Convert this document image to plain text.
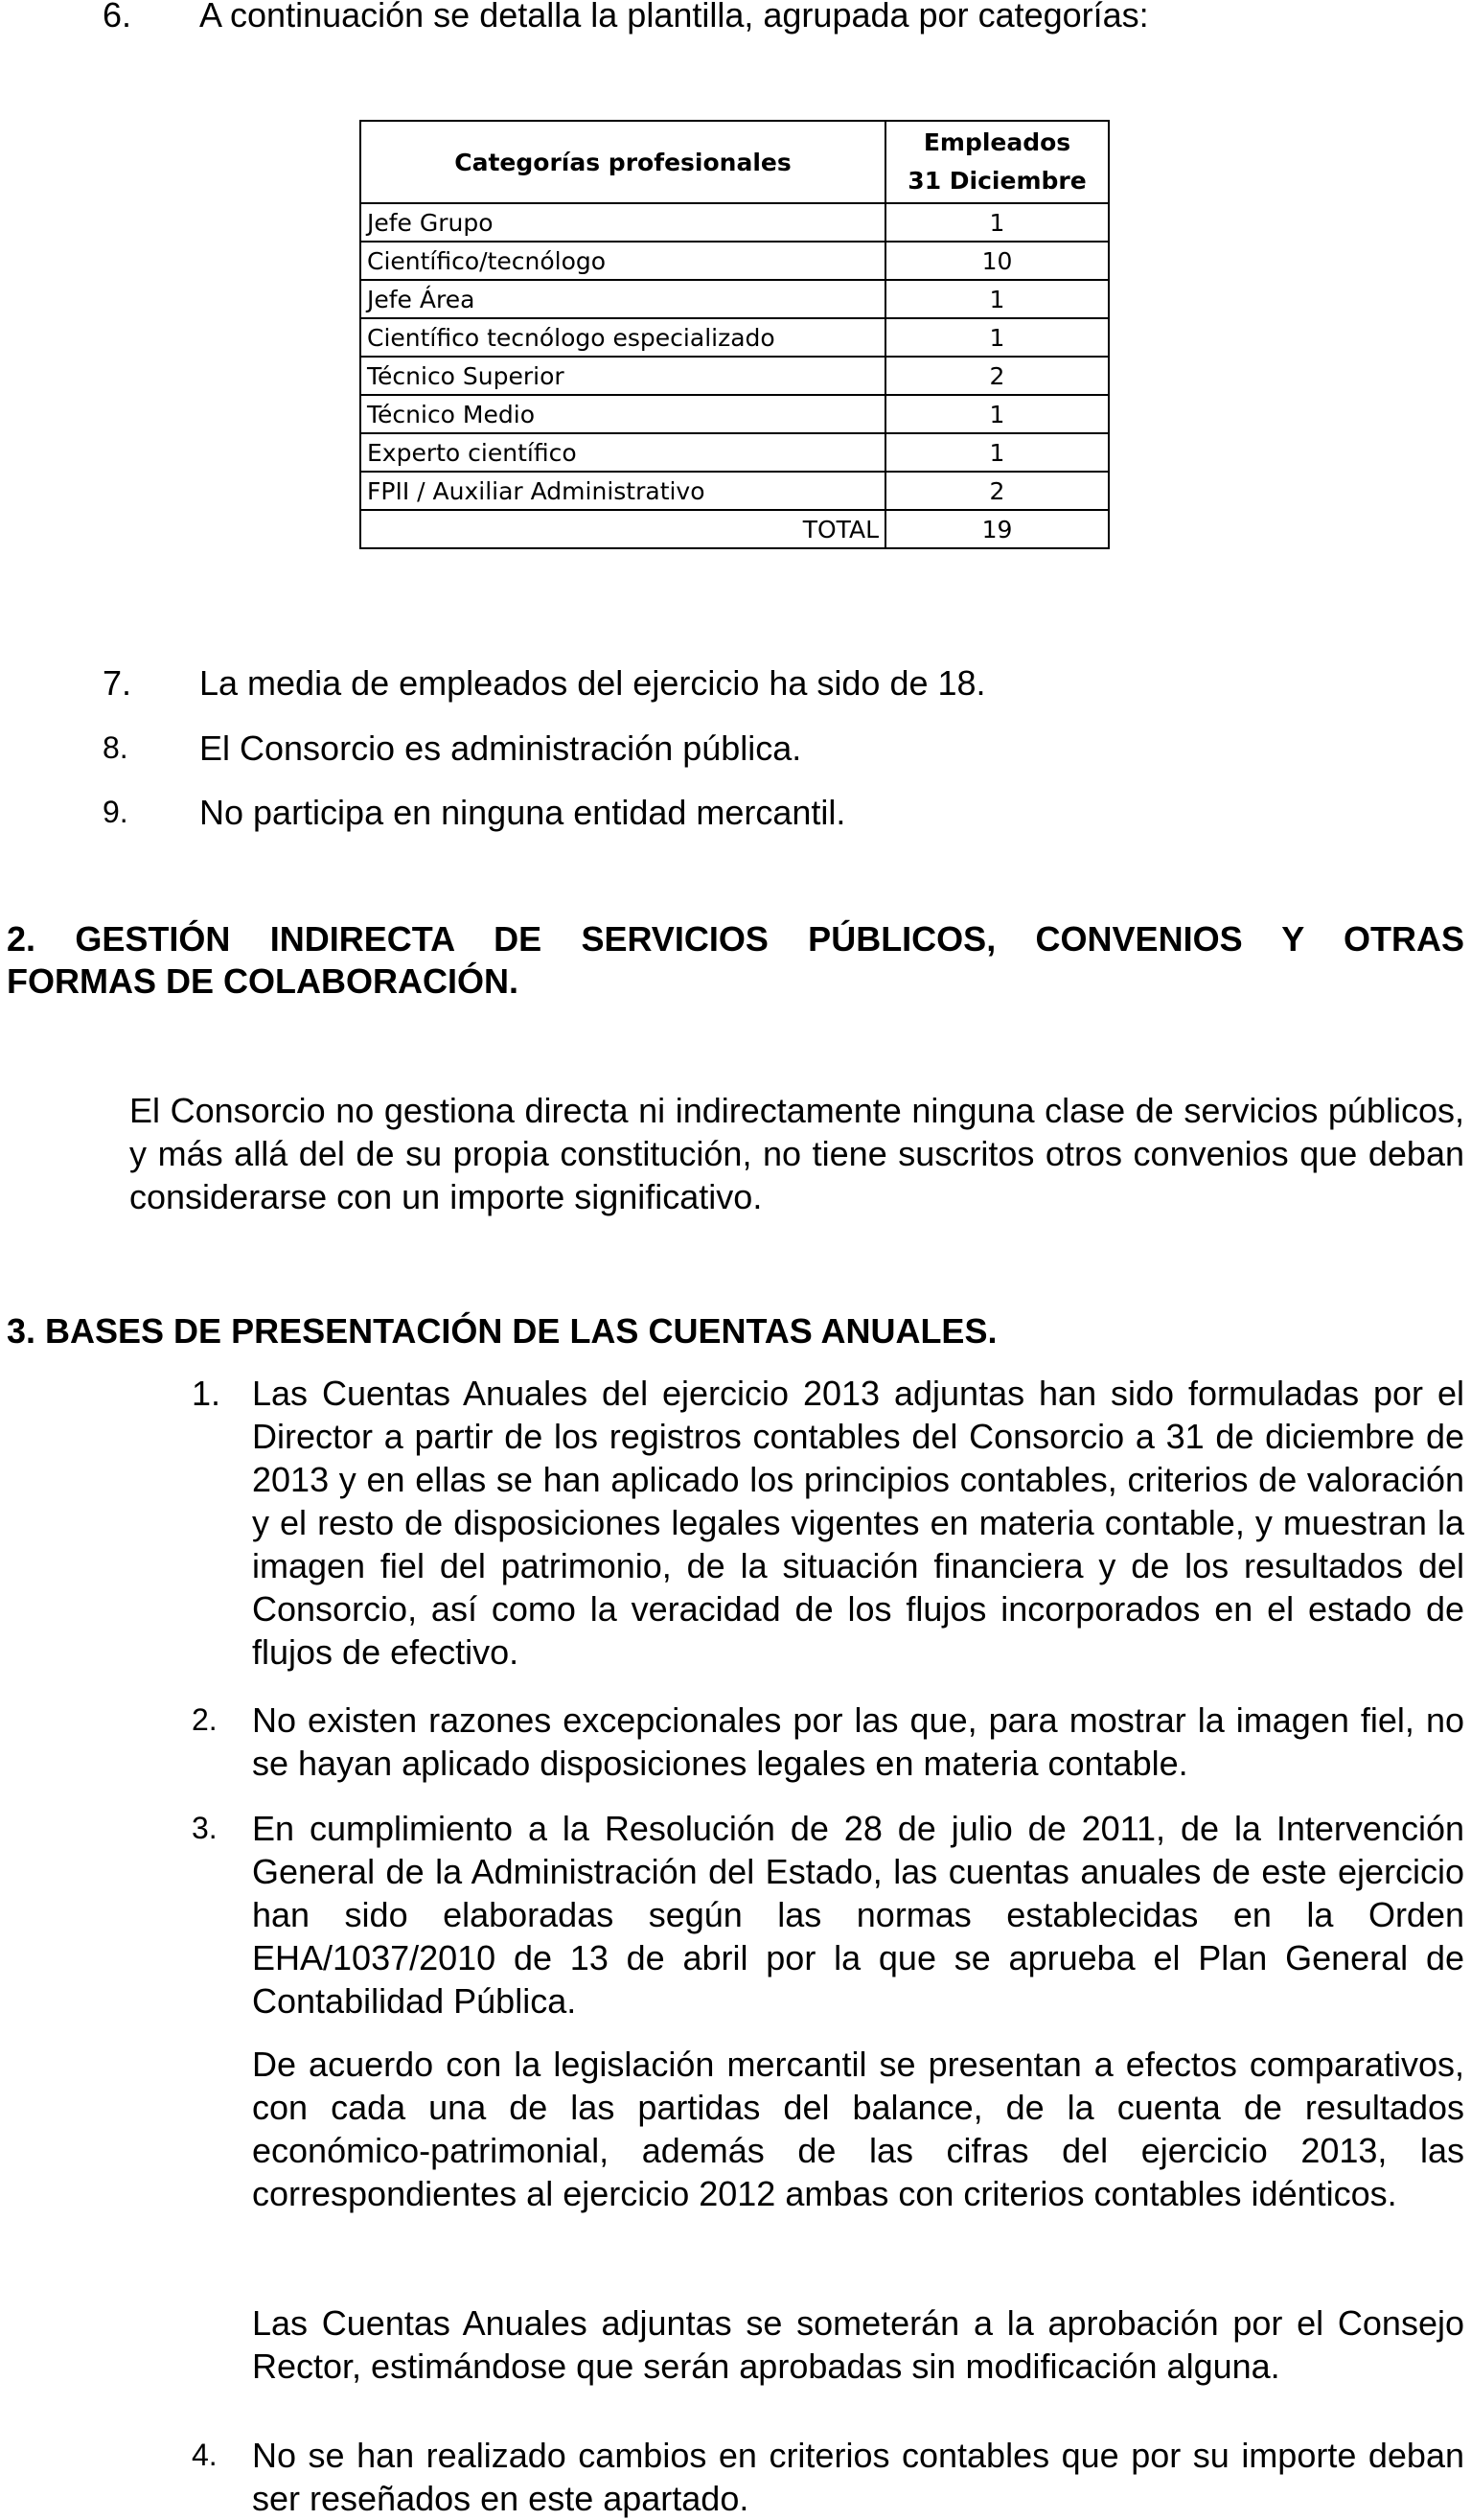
6. A continuación se detalla la plantilla, agrupada por categorías:
Categorías profesionales	Empleados
31 Diciembre
Jefe Grupo	1
Científico/tecnólogo	10
Jefe Área	1
Científico tecnólogo especializado	1
Técnico Superior	2
Técnico Medio	1
Experto científico	1
FPII / Auxiliar Administrativo	2
TOTAL	19
7. La media de empleados del ejercicio ha sido de 18.
8. El Consorcio es administración pública.
9. No participa en ninguna entidad mercantil.
2. GESTIÓN INDIRECTA DE SERVICIOS PÚBLICOS, CONVENIOS Y OTRAS
FORMAS DE COLABORACIÓN.
El Consorcio no gestiona directa ni indirectamente ninguna clase de servicios públicos, y más allá del de su propia constitución, no tiene suscritos otros convenios que deban considerarse con un importe significativo.
3. BASES DE PRESENTACIÓN DE LAS CUENTAS ANUALES.
1. Las Cuentas Anuales del ejercicio 2013 adjuntas han sido formuladas por el Director a partir de los registros contables del Consorcio a 31 de diciembre de 2013 y en ellas se han aplicado los principios contables, criterios de valoración y el resto de disposiciones legales vigentes en materia contable, y muestran la imagen fiel del patrimonio, de la situación financiera y de los resultados del Consorcio, así como la veracidad de los flujos incorporados en el estado de flujos de efectivo.
2. No existen razones excepcionales por las que, para mostrar la imagen fiel, no se hayan aplicado disposiciones legales en materia contable.
3. En cumplimiento a la Resolución de 28 de julio de 2011, de la Intervención General de la Administración del Estado, las cuentas anuales de este ejercicio han sido elaboradas según las normas establecidas en la Orden EHA/1037/2010 de 13 de abril por la que se aprueba el Plan General de Contabilidad Pública.
De acuerdo con la legislación mercantil se presentan a efectos comparativos, con cada una de las partidas del balance, de la cuenta de resultados económico-patrimonial, además de las cifras del ejercicio 2013, las correspondientes al ejercicio 2012 ambas con criterios contables idénticos.
Las Cuentas Anuales adjuntas se someterán a la aprobación por el Consejo Rector, estimándose que serán aprobadas sin modificación alguna.
4. No se han realizado cambios en criterios contables que por su importe deban ser reseñados en este apartado.
